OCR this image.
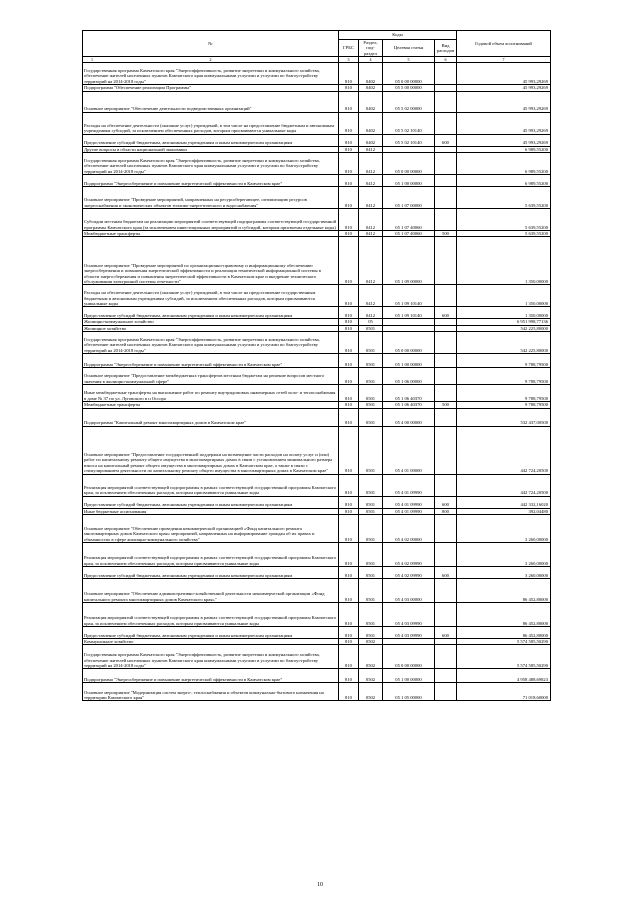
№	Коды				Годовой объем ассигнований
	ГРБС	Раздел, под-раздел	Целевая статья	Вид расходов	

1 2	3	4	5	6	7
Государственная программа Камчатского края "Энергоэффективность, развитие энергетики и коммунального хозяйства, обеспечение жителей населенных пунктов Камчатского края коммунальными услугами и услугами по благоустройству территорий на 2014-2018 годы"	810	0402	05 0 00 00000		45 993,29269
Подпрограмма "Обеспечение реализации Программы"	810	0402	05 5 00 00000		45 993,29269
Основное мероприятие "Обеспечение деятельности подведомственных организаций"	810	0402	05 5 02 00000		45 993,29269
Расходы на обеспечение деятельности (оказание услуг) учреждений, в том числе на предоставление бюджетным и автономным учреждениям субсидий, за исключением обеспеченных расходов, которым присваиваются уникальные коды	810	0402	05 5 02 10140		45 993,29269
Предоставление субсидий бюджетным, автономным учреждениям и иным некоммерческим организациям	810	0402	05 5 02 10140	600	45 993,29269
Другие вопросы в области национальной экономики	810	0412			6 989,55200
Государственная программа Камчатского края "Энергоэффективность, развитие энергетики и коммунального хозяйства, обеспечение жителей населенных пунктов Камчатского края коммунальными услугами и услугами по благоустройству территорий на 2014-2018 годы"	810	0412	05 0 00 00000		6 989,55200
Подпрограмма "Энергосбережение и повышение энергетической эффективности в Камчатском крае"	810	0412	05 1 00 00000		6 989,55200
Основное мероприятие "Проведение мероприятий, направленных на ресурсоберегающее, оптимизацию ресурсов энергоснабжения и экономических объектов топливо-энергетического и водоснабжения"	810	0412	05 1 07 00000		5 639,55200
Субсидии местным бюджетам на реализацию мероприятий соответствующей подпрограммы соответствующей государственной программы Камчатского края (за исключением инвестиционных мероприятий и субсидий, которым присвоены отдельные коды)	810	0412	05 1 07 40060		5 639,55200
Межбюджетные трансферты	810	0412	05 1 07 40060	500	5 639,55200
Основное мероприятие "Проведение мероприятий по организационно-правовому и информационному обеспечению энергосбережения и повышения энергетической эффективности и реализация тематической информационной системы в области энергосбережения и повышения энергетической эффективности в Камчатском крае и внедрение технического обслуживания электронной системы отчетности"	810	0412	05 1 09 00000		1 350,00000
Расходы на обеспечение деятельности (оказание услуг) учреждений, в том числе на предоставление государственным бюджетным и автономным учреждениям субсидий, за исключением обеспеченных расходов, которым присваиваются уникальные коды	810	0412	05 1 09 10140		1 350,00000
Предоставление субсидий бюджетным, автономным учреждениям и иным некоммерческим организациям	810	0412	05 1 09 10140	600	1 350,00000
Жилищно-коммунальное хозяйство	810	05			6 951 998,77136
Жилищное хозяйство	810	0501			542 225,80000
Государственная программа Камчатского края "Энергоэффективность, развитие энергетики и коммунального хозяйства, обеспечение жителей населенных пунктов Камчатского края коммунальными услугами и услугами по благоустройству территорий на 2014-2018 годы"	810	0501	05 0 00 00000		542 225,80000
Подпрограмма "Энергосбережение и повышение энергетической эффективности в Камчатском крае"	810	0501	05 1 00 00000		9 788,79500
Основное мероприятие "Предоставление межбюджетных трансфертов местным бюджетам на решение вопросов местного значения в жилищно-коммунальной сфере"	810	0501	05 1 06 00000		9 788,79500
Иные межбюджетные трансферты на выполнение работ по ремонту внутридомовых инженерных сетей холо- и теплоснабжения в доме № 37 по ул. Луговского в п Оссора	810	0501	05 1 06 40370		9 788,79500
Межбюджетные трансферты	810	0501	05 1 06 40370	500	9 788,79500
Подпрограмма "Капитальный ремонт многоквартирных домов в Камчатском крае"	810	0501	05 4 00 00000		532 437,00500
Основное мероприятие "Предоставление государственной поддержки на возмещение части расходов на оплату услуг и (или) работ по капитальному ремонту общего имущества в многоквартирных домах в связи с установлением минимального размера взноса на капитальный ремонт общего имущества в многоквартирных домах в Камчатском крае, а также в связи с стимулированием деятельности по капитальному ремонту общего имущества в многоквартирных домах в Камчатском крае"	810	0501	05 4 01 00000		442 724,20500
Реализация мероприятий соответствующей подпрограммы в рамках соответствующей государственной программы Камчатского края, за исключением обеспеченных расходов, которым присваиваются уникальные коды	810	0501	05 4 01 09990		442 724,20500
Предоставление субсидий бюджетным, автономным учреждениям и иным некоммерческим организациям	810	0501	05 4 01 09990	600	442 332,16020
Иные бюджетные ассигнования	810	0501	05 4 01 09990	800	392,04480
Основное мероприятие "Обеспечение проведения некоммерческой организацией «Фонд капитального ремонта многоквартирных домов Камчатского края» мероприятий, направленных на информирование граждан об их правах и обязанностях в сфере жилищно-коммунального хозяйства"	810	0501	05 4 02 00000		3 260,00000
Реализация мероприятий соответствующей подпрограммы в рамках соответствующей государственной программы Камчатского края, за исключением обеспеченных расходов, которым присваиваются уникальные коды	810	0501	05 4 02 09990		3 260,00000
Предоставление субсидий бюджетным, автономным учреждениям и иным некоммерческим организациям	810	0501	05 4 02 09990	600	3 260,00000
Основное мероприятие "Обеспечение административно-хозяйственной деятельности некоммерческой организации «Фонд капитального ремонта многоквартирных домов Камчатского края»"	810	0501	05 4 03 00000		86 452,80000
Реализация мероприятий соответствующей подпрограммы в рамках соответствующей государственной программы Камчатского края, за исключением обеспеченных расходов, которым присваиваются уникальные коды	810	0501	05 4 03 09990		86 452,80000
Предоставление субсидий бюджетным, автономным учреждениям и иным некоммерческим организациям	810	0501	05 4 03 09990	600	86 452,80000
Коммунальное хозяйство	810	0502			5 574 585,50290
Государственная программа Камчатского края "Энергоэффективность, развитие энергетики и коммунального хозяйства, обеспечение жителей населенных пунктов Камчатского края коммунальными услугами и услугами по благоустройству территорий на 2014-2018 годы"	810	0502	05 0 00 00000		5 574 585,50290
Подпрограмма "Энергосбережение и повышение энергетической эффективности в Камчатском крае"	810	0502	05 1 00 00000		4 958 488,69823
Основное мероприятие "Модернизация систем энерго-, теплоснабжения и объектов коммунально-бытового назначения на территории Камчатского края"	810	0502	05 1 05 00000		71 018,60000
10
